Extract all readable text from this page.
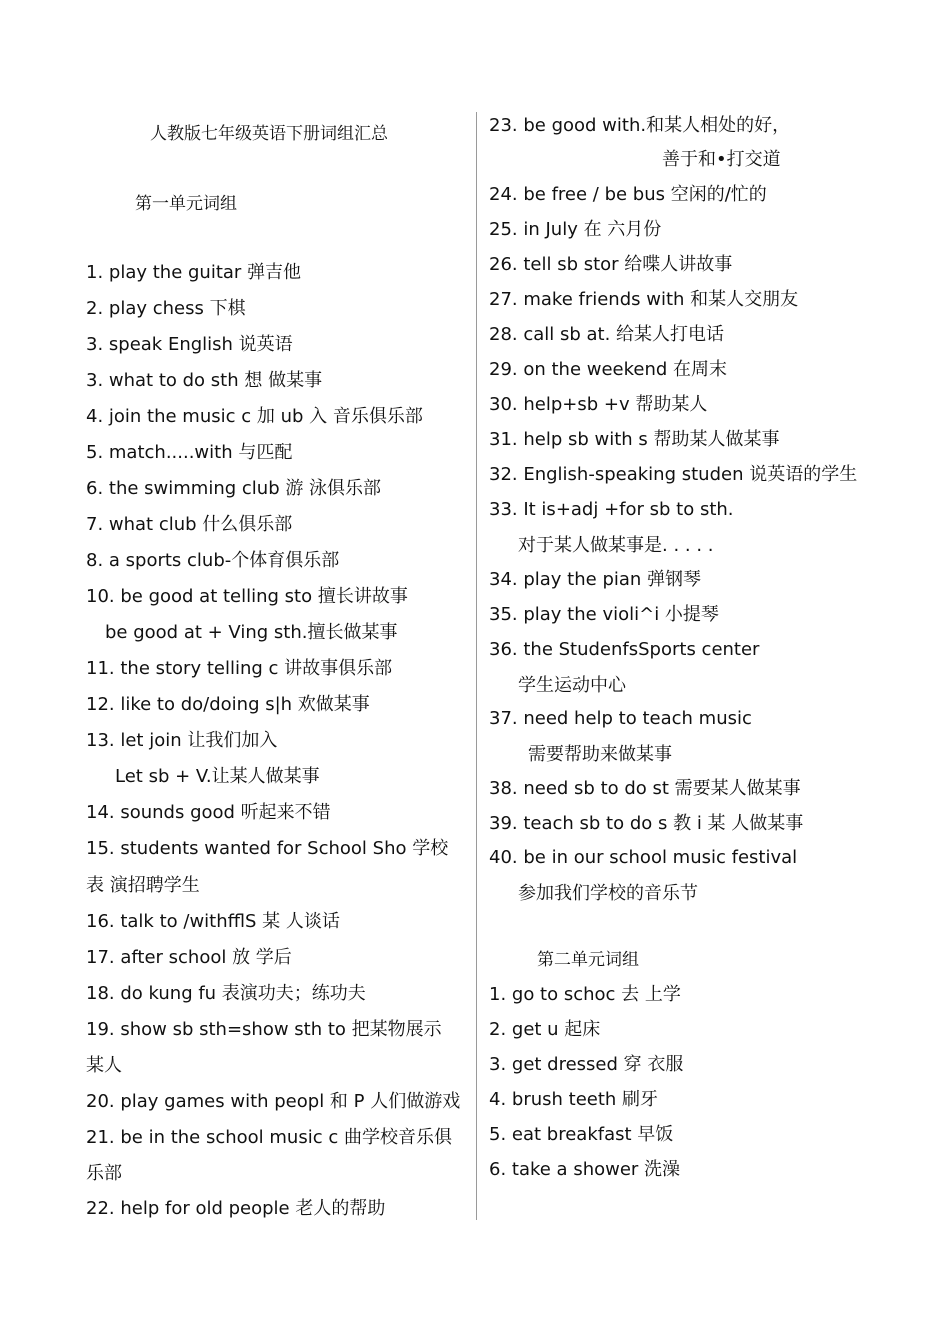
人教版七年级英语下册词组汇总
第一单元词组
第二单元词组
1. play the guitar 弹吉他
2. play chess 下棋
3. speak English 说英语
3. what to do sth 想 做某事
4. join the music c 加 ub 入 音乐俱乐部
5. match.....with 与匹配
6. the swimming club 游 泳俱乐部
7. what club 什么俱乐部
8. a sports club-个体育俱乐部
10. be good at telling sto 擅长讲故事
be good at + Ving sth.擅长做某事
11. the story telling c 讲故事俱乐部
12. like to do/doing s|h 欢做某事
13. let join 让我们加入
Let sb + V.让某人做某事
14. sounds good 听起来不错
15. students wanted for School Sho 学校
表 演招聘学生
16. talk to /withfflS 某 人谈话
17. after school 放 学后
18. do kung fu 表演功夫；练功夫
19. show sb sth=show sth to 把某物展示
某人
20. play games with peopl 和 P 人们做游戏
21. be in the school music c 曲学校音乐俱
乐部
22. help for old people 老人的帮助
23. be good with.和某人相处的好，
善于和•打交道
24. be free / be bus 空闲的/忙的
25. in July 在 六月份
26. tell sb stor 给喋人讲故事
27. make friends with 和某人交朋友
28. call sb at. 给某人打电话
29. on the weekend 在周末
30. help+sb +v 帮助某人
31. help sb with s 帮助某人做某事
32. English-speaking studen 说英语的学生
33. It is+adj +for sb to sth.
对于某人做某事是. . . . .
34. play the pian 弹钢琴
35. play the violi^i 小提琴
36. the StudenfsSports center
学生运动中心
37. need help to teach music
需要帮助来做某事
38. need sb to do st 需要某人做某事
39. teach sb to do s 教 i 某 人做某事
40. be in our school music festival
参加我们学校的音乐节
1. go to schoc 去 上学
2. get u 起床
3. get dressed 穿 衣服
4. brush teeth 刷牙
5. eat breakfast 早饭
6. take a shower 洗澡
